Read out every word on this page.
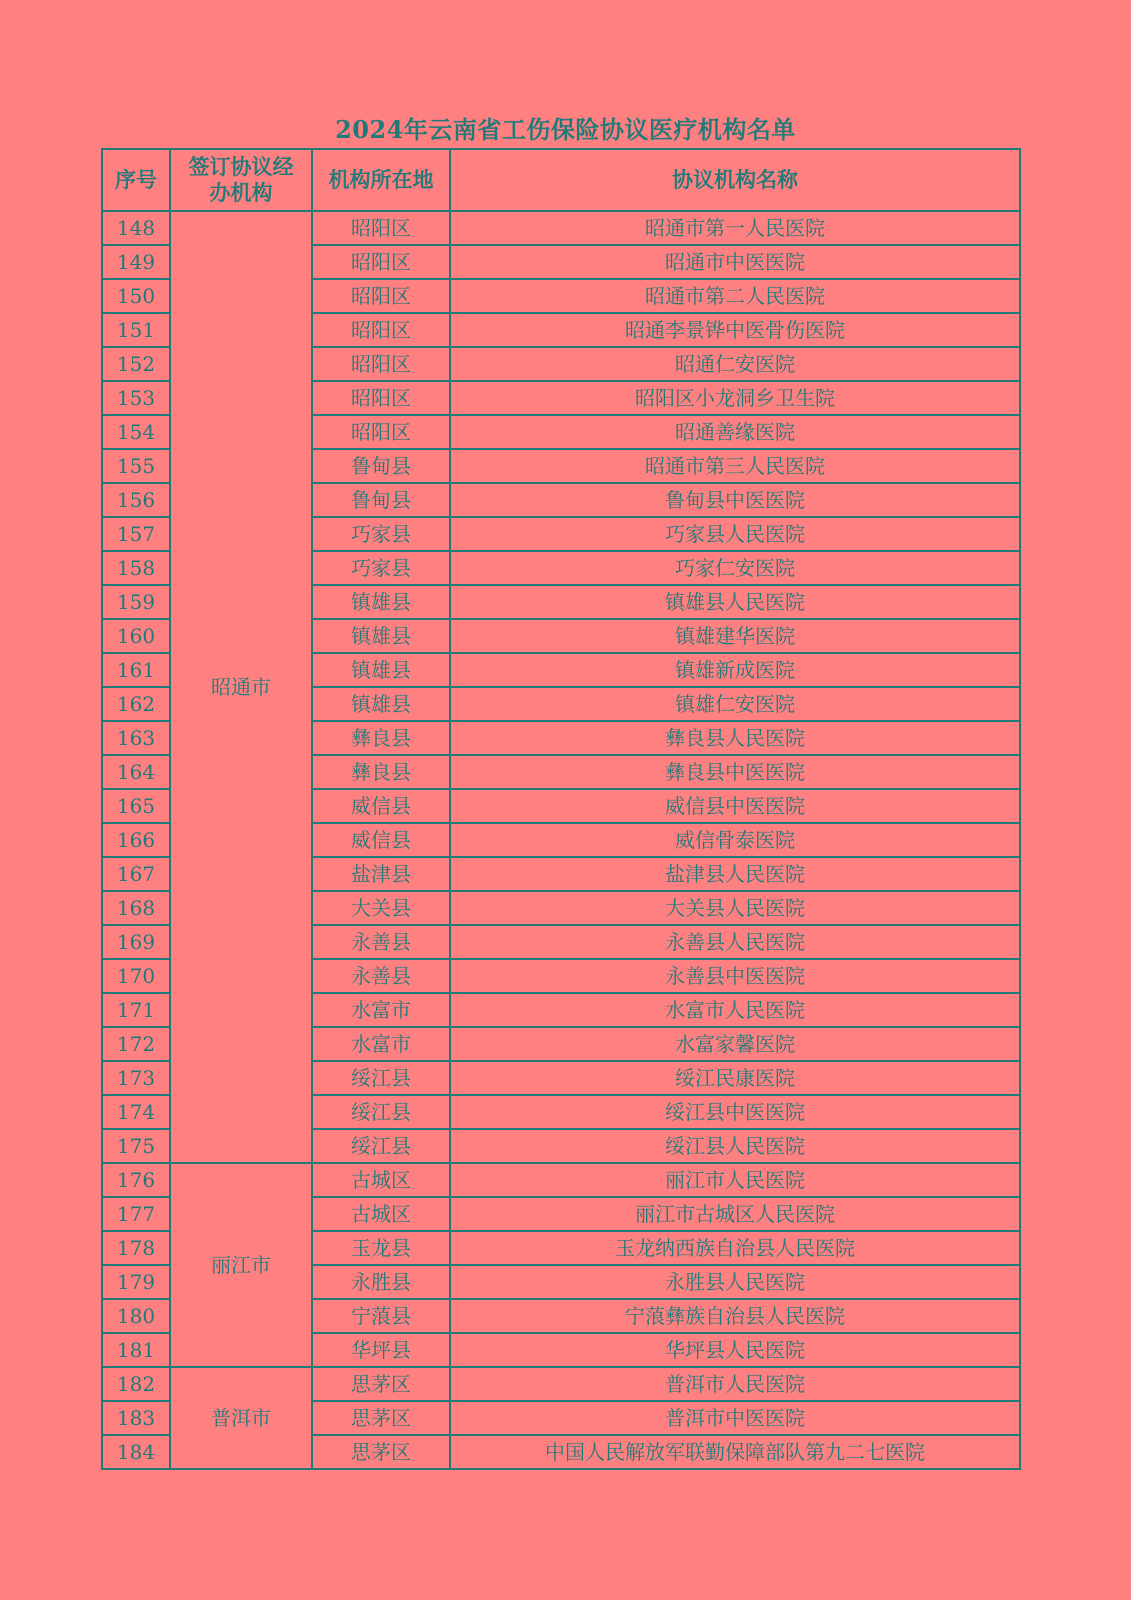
2024年云南省工伤保险协议医疗机构名单
序号	签订协议经办机构	机构所在地	协议机构名称
148	昭通市	昭阳区	昭通市第一人民医院
149		昭阳区	昭通市中医医院
150		昭阳区	昭通市第二人民医院
151		昭阳区	昭通李景铧中医骨伤医院
152		昭阳区	昭通仁安医院
153		昭阳区	昭阳区小龙洞乡卫生院
154		昭阳区	昭通善缘医院
155		鲁甸县	昭通市第三人民医院
156		鲁甸县	鲁甸县中医医院
157		巧家县	巧家县人民医院
158		巧家县	巧家仁安医院
159		镇雄县	镇雄县人民医院
160		镇雄县	镇雄建华医院
161		镇雄县	镇雄新成医院
162		镇雄县	镇雄仁安医院
163		彝良县	彝良县人民医院
164		彝良县	彝良县中医医院
165		威信县	威信县中医医院
166		威信县	威信骨泰医院
167		盐津县	盐津县人民医院
168		大关县	大关县人民医院
169		永善县	永善县人民医院
170		永善县	永善县中医医院
171		水富市	水富市人民医院
172		水富市	水富家馨医院
173		绥江县	绥江民康医院
174		绥江县	绥江县中医医院
175		绥江县	绥江县人民医院
176	丽江市	古城区	丽江市人民医院
177		古城区	丽江市古城区人民医院
178		玉龙县	玉龙纳西族自治县人民医院
179		永胜县	永胜县人民医院
180		宁蒗县	宁蒗彝族自治县人民医院
181		华坪县	华坪县人民医院
182	普洱市	思茅区	普洱市人民医院
183		思茅区	普洱市中医医院
184		思茅区	中国人民解放军联勤保障部队第九二七医院
